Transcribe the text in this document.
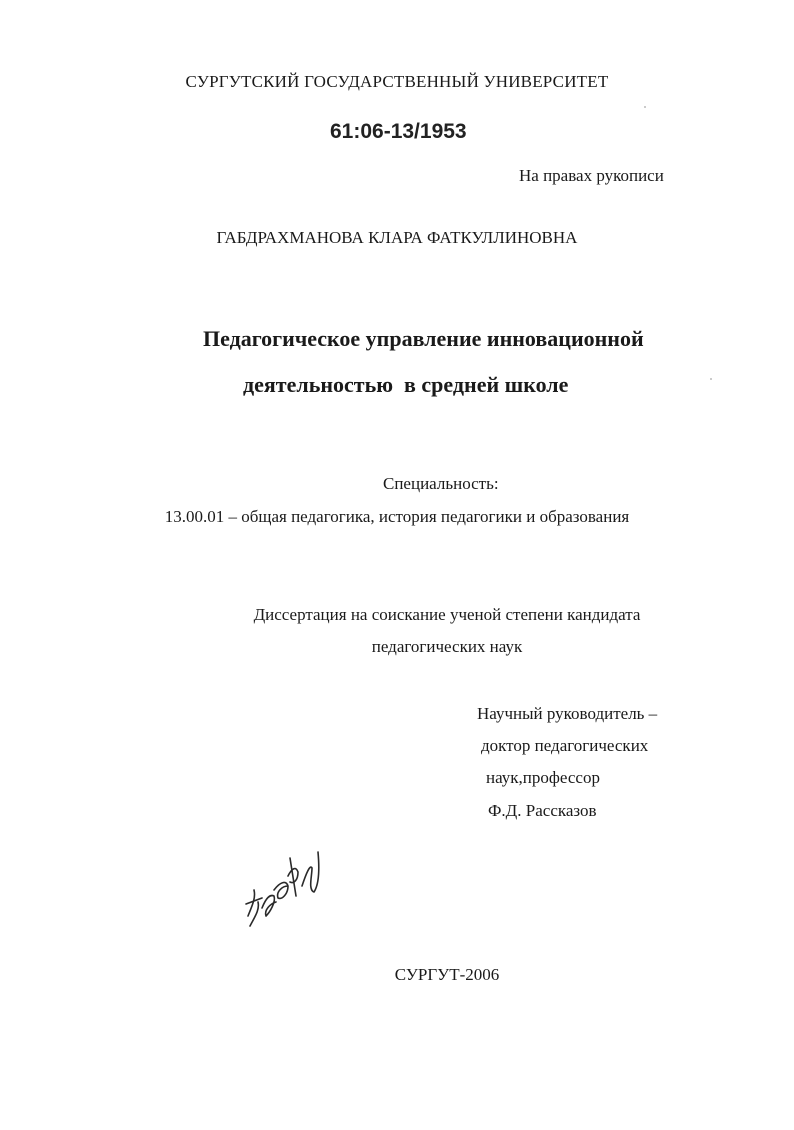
СУРГУТСКИЙ ГОСУДАРСТВЕННЫЙ УНИВЕРСИТЕТ
61:06-13/1953
На правах рукописи
ГАБДРАХМАНОВА КЛАРА ФАТКУЛЛИНОВНА
Педагогическое управление инновационной
деятельностью  в средней школе
Специальность:
13.00.01 – общая педагогика, история педагогики и образования
Диссертация на соискание ученой степени кандидата
педагогических наук
Научный руководитель –
доктор педагогических
наук,профессор
Ф.Д. Рассказов
СУРГУТ-2006
